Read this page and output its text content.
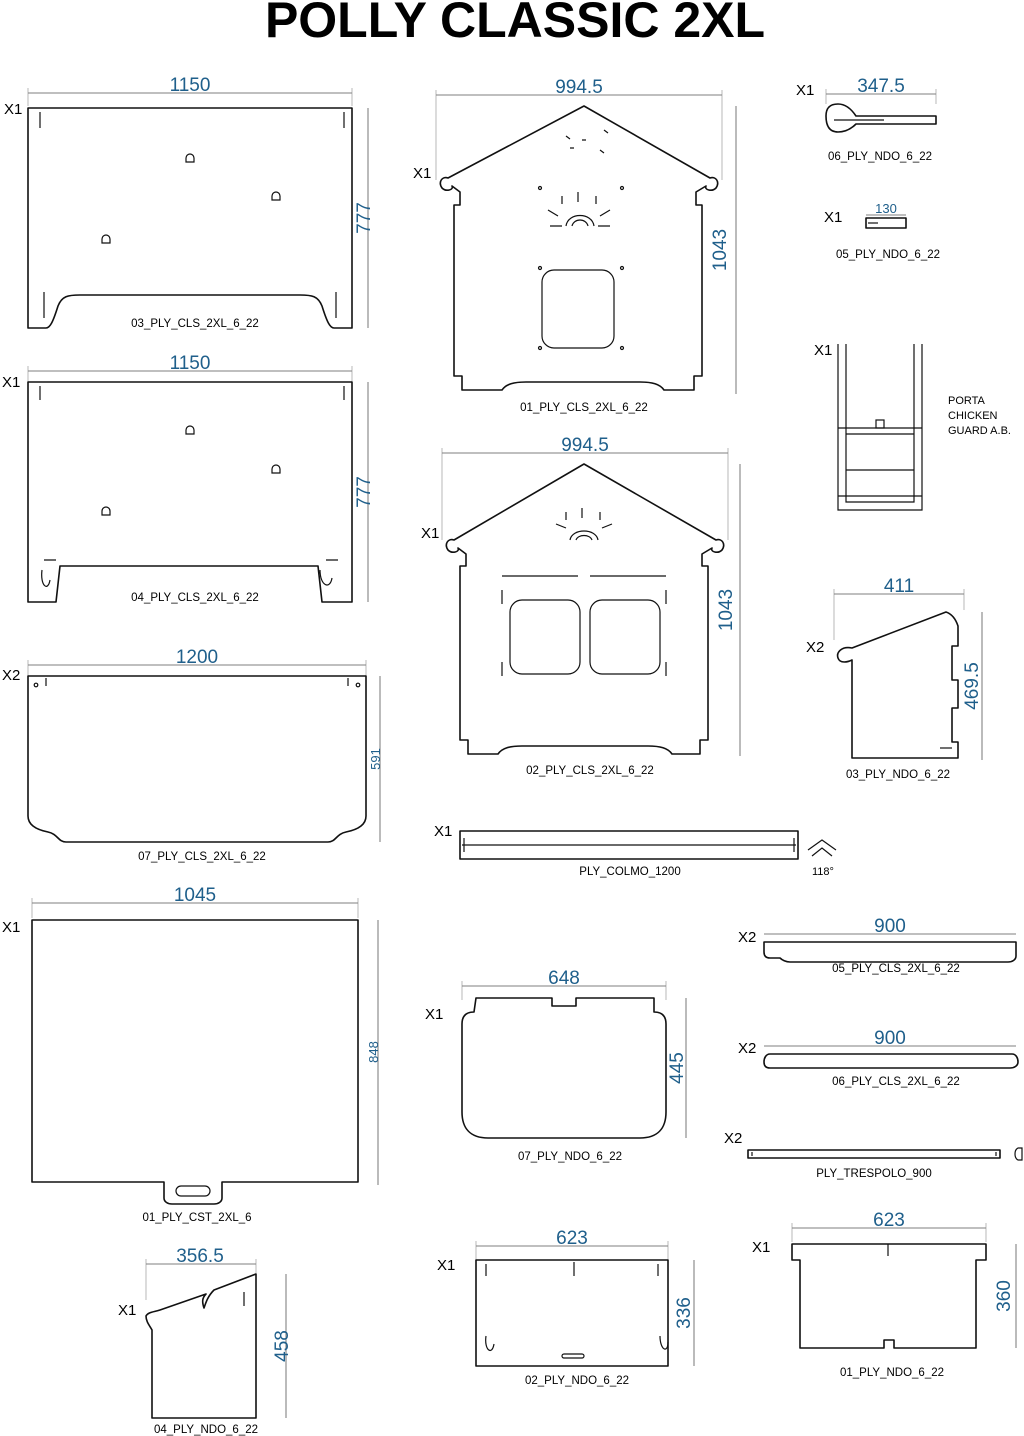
POLLY CLASSIC 2XL
1150
777
X1
03_PLY_CLS_2XL_6_22
1150
777
X1
04_PLY_CLS_2XL_6_22
1200
591
X2
07_PLY_CLS_2XL_6_22
1045
848
X1
01_PLY_CST_2XL_6
356.5
458
X1
04_PLY_NDO_6_22
994.5
1043
X1
01_PLY_CLS_2XL_6_22
994.5
1043
X1
02_PLY_CLS_2XL_6_22
X1
118°
PLY_COLMO_1200
648
445
X1
07_PLY_NDO_6_22
623
336
X1
02_PLY_NDO_6_22
347.5
X1
06_PLY_NDO_6_22
130
X1
05_PLY_NDO_6_22
X1
PORTA
CHICKEN
GUARD A.B.
411
469.5
X2
03_PLY_NDO_6_22
900
X2
05_PLY_CLS_2XL_6_22
900
X2
06_PLY_CLS_2XL_6_22
X2
PLY_TRESPOLO_900
623
360
X1
01_PLY_NDO_6_22
